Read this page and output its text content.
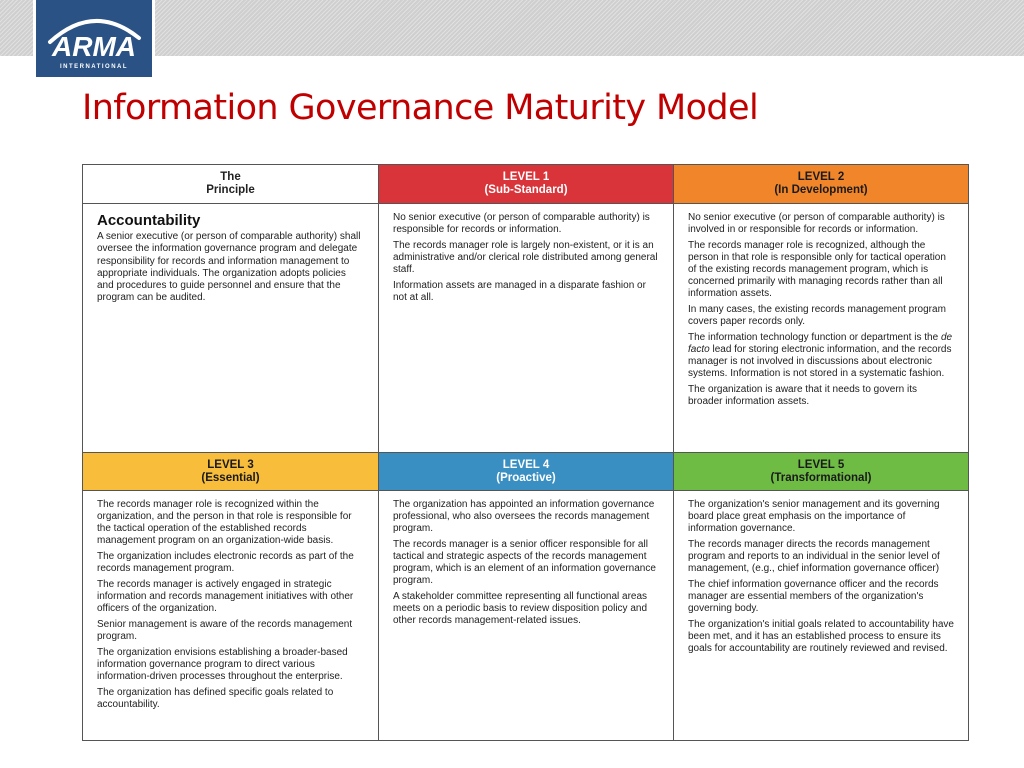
ARMA
INTERNATIONAL
Information Governance Maturity Model
The
Principle
LEVEL 1
(Sub-Standard)
LEVEL 2
(In Development)
Accountability
A senior executive (or person of comparable authority) shall oversee the information governance program and delegate responsibility for records and information management to appropriate individuals. The organization adopts policies and procedures to guide personnel and ensure that the program can be audited.

No senior executive (or person of comparable authority) is responsible for records or information.

The records manager role is largely non-existent, or it is an administrative and/or clerical role distributed among general staff.

Information assets are managed in a disparate fashion or not at all.

No senior executive (or person of comparable authority) is involved in or responsible for records or information.

The records manager role is recognized, although the person in that role is responsible only for tactical operation of the existing records management program, which is concerned primarily with managing records rather than all information assets.

In many cases, the existing records management program covers paper records only.

The information technology function or department is the de facto lead for storing electronic information, and the records manager is not involved in discussions about electronic systems. Information is not stored in a systematic fashion.

The organization is aware that it needs to govern its broader information assets.

LEVEL 3
(Essential)
LEVEL 4
(Proactive)
LEVEL 5
(Transformational)

The records manager role is recognized within the organization, and the person in that role is responsible for the tactical operation of the established records management program on an organization-wide basis.

The organization includes electronic records as part of the records management program.

The records manager is actively engaged in strategic information and records management initiatives with other officers of the organization.

Senior management is aware of the records management program.

The organization envisions establishing a broader-based information governance program to direct various information-driven processes throughout the enterprise.

The organization has defined specific goals related to accountability.

The organization has appointed an information governance professional, who also oversees the records management program.

The records manager is a senior officer responsible for all tactical and strategic aspects of the records management program, which is an element of an information governance program.

A stakeholder committee representing all functional areas meets on a periodic basis to review disposition policy and other records management-related issues.

The organization's senior management and its governing board place great emphasis on the importance of information governance.

The records manager directs the records management program and reports to an individual in the senior level of management, (e.g., chief information governance officer)

The chief information governance officer and the records manager are essential members of the organization's governing body.

The organization's initial goals related to accountability have been met, and it has an established process to ensure its goals for accountability are routinely reviewed and revised.
